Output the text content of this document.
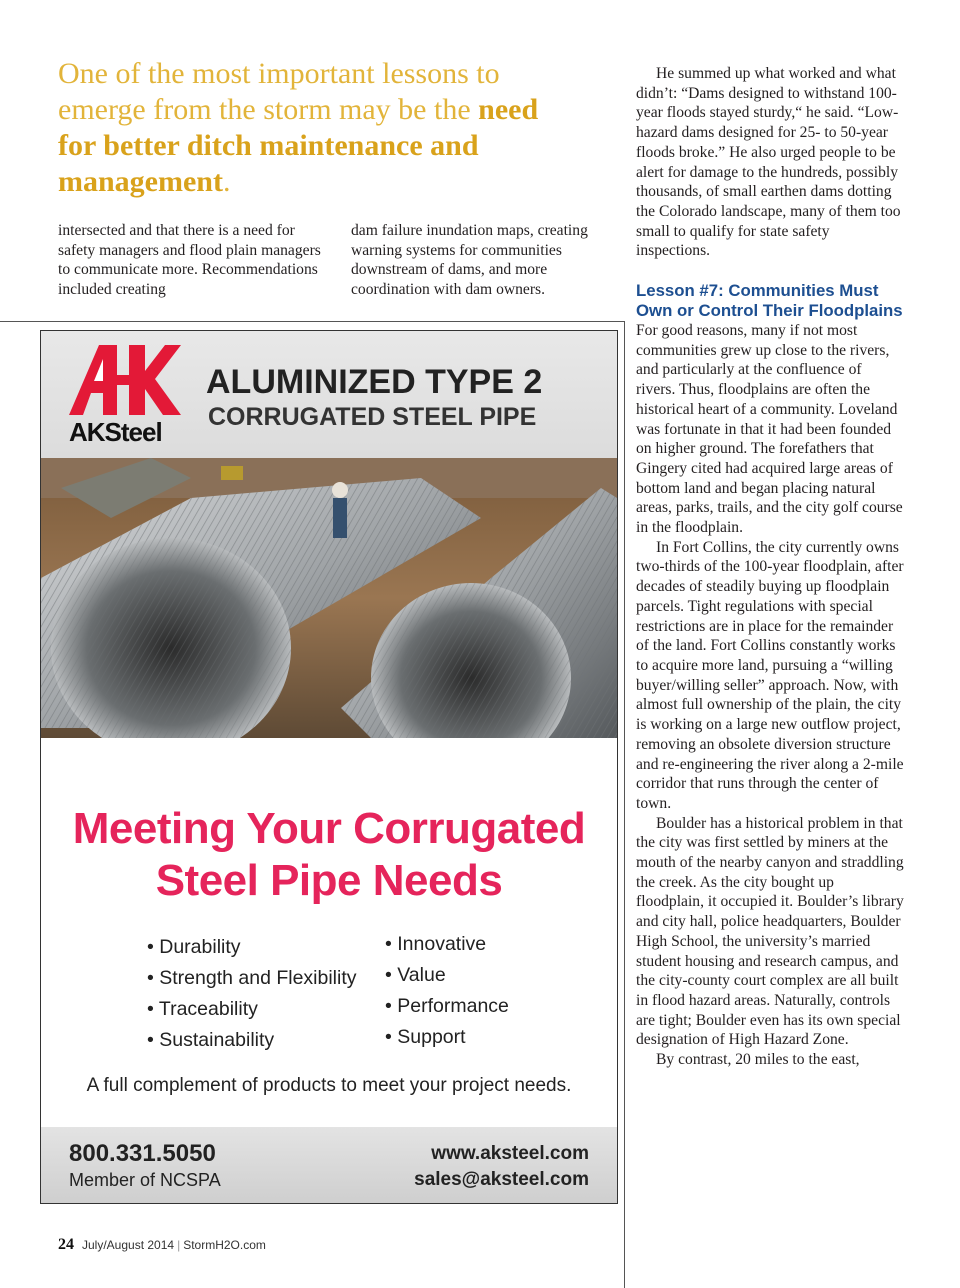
One of the most important lessons to emerge from the storm may be the need for better ditch maintenance and management.

intersected and that there is a need for safety managers and flood plain managers to communicate more. Recommendations included creating

dam failure inundation maps, creating warning systems for communities downstream of dams, and more coordination with dam owners.

He summed up what worked and what didn’t: “Dams designed to withstand 100-year floods stayed sturdy,“ he said. “Low-hazard dams designed for 25- to 50-year floods broke.” He also urged people to be alert for damage to the hundreds, possibly thousands, of small earthen dams dotting the Colorado landscape, many of them too small to qualify for state safety inspections.

Lesson #7: Communities Must Own or Control Their Floodplains

For good reasons, many if not most communities grew up close to the rivers, and particularly at the confluence of rivers. Thus, floodplains are often the historical heart of a community. Loveland was fortunate in that it had been founded on higher ground. The forefathers that Gingery cited had acquired large areas of bottom land and began placing natural areas, parks, trails, and the city golf course in the floodplain.

In Fort Collins, the city currently owns two-thirds of the 100-year floodplain, after decades of steadily buying up floodplain parcels. Tight regulations with special restrictions are in place for the remainder of the land. Fort Collins constantly works to acquire more land, pursuing a “willing buyer/willing seller” approach. Now, with almost full ownership of the plain, the city is working on a large new outflow project, removing an obsolete diversion structure and re-engineering the river along a 2-mile corridor that runs through the center of town.

Boulder has a historical problem in that the city was first settled by miners at the mouth of the nearby canyon and straddling the creek. As the city bought up floodplain, it occupied it. Boulder’s library and city hall, police headquarters, Boulder High School, the university’s married student housing and research campus, and the city-county court complex are all built in flood hazard areas. Naturally, controls are tight; Boulder even has its own special designation of High Hazard Zone.

By contrast, 20 miles to the east,

AKSteel
ALUMINIZED TYPE 2
CORRUGATED STEEL PIPE
Meeting Your Corrugated
Steel Pipe Needs
• Durability
• Strength and Flexibility
• Traceability
• Sustainability
• Innovative
• Value
• Performance
• Support
A full complement of products to meet your project needs.
800.331.5050
Member of NCSPA
www.aksteel.com
sales@aksteel.com
24 July/August 2014 | StormH2O.com
